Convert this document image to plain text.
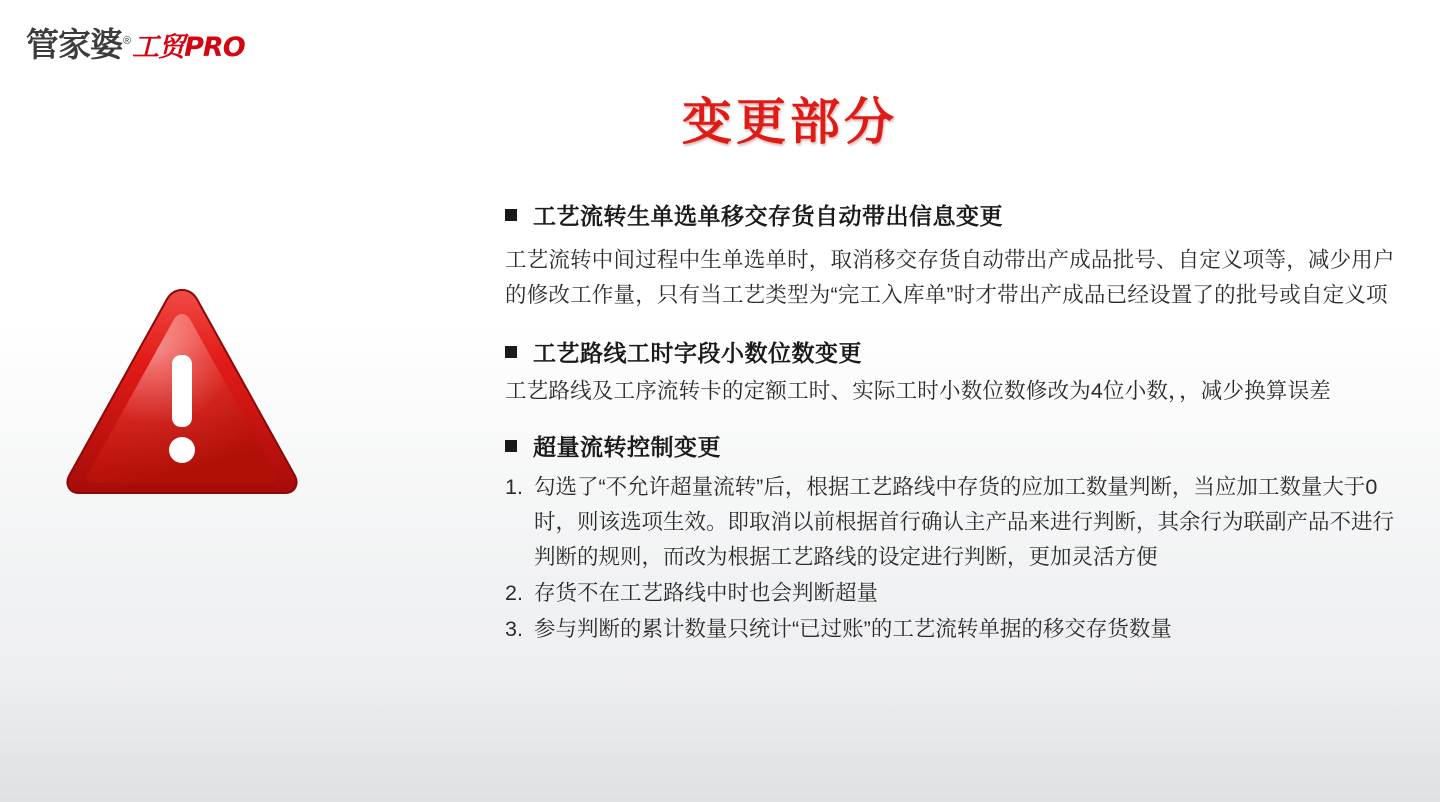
管家婆 ® 工贸PRO
变更部分
工艺流转生单选单移交存货自动带出信息变更

工艺流转中间过程中生单选单时，取消移交存货自动带出产成品批号、自定义项等，减少用户的修改工作量，只有当工艺类型为“完工入库单”时才带出产成品已经设置了的批号或自定义项

工艺路线工时字段小数位数变更

工艺路线及工序流转卡的定额工时、实际工时小数位数修改为4位小数，，减少换算误差

超量流转控制变更
1. 勾选了“不允许超量流转”后，根据工艺路线中存货的应加工数量判断，当应加工数量大于0时，则该选项生效。即取消以前根据首行确认主产品来进行判断，其余行为联副产品不进行判断的规则，而改为根据工艺路线的设定进行判断，更加灵活方便
2. 存货不在工艺路线中时也会判断超量
3. 参与判断的累计数量只统计“已过账”的工艺流转单据的移交存货数量
